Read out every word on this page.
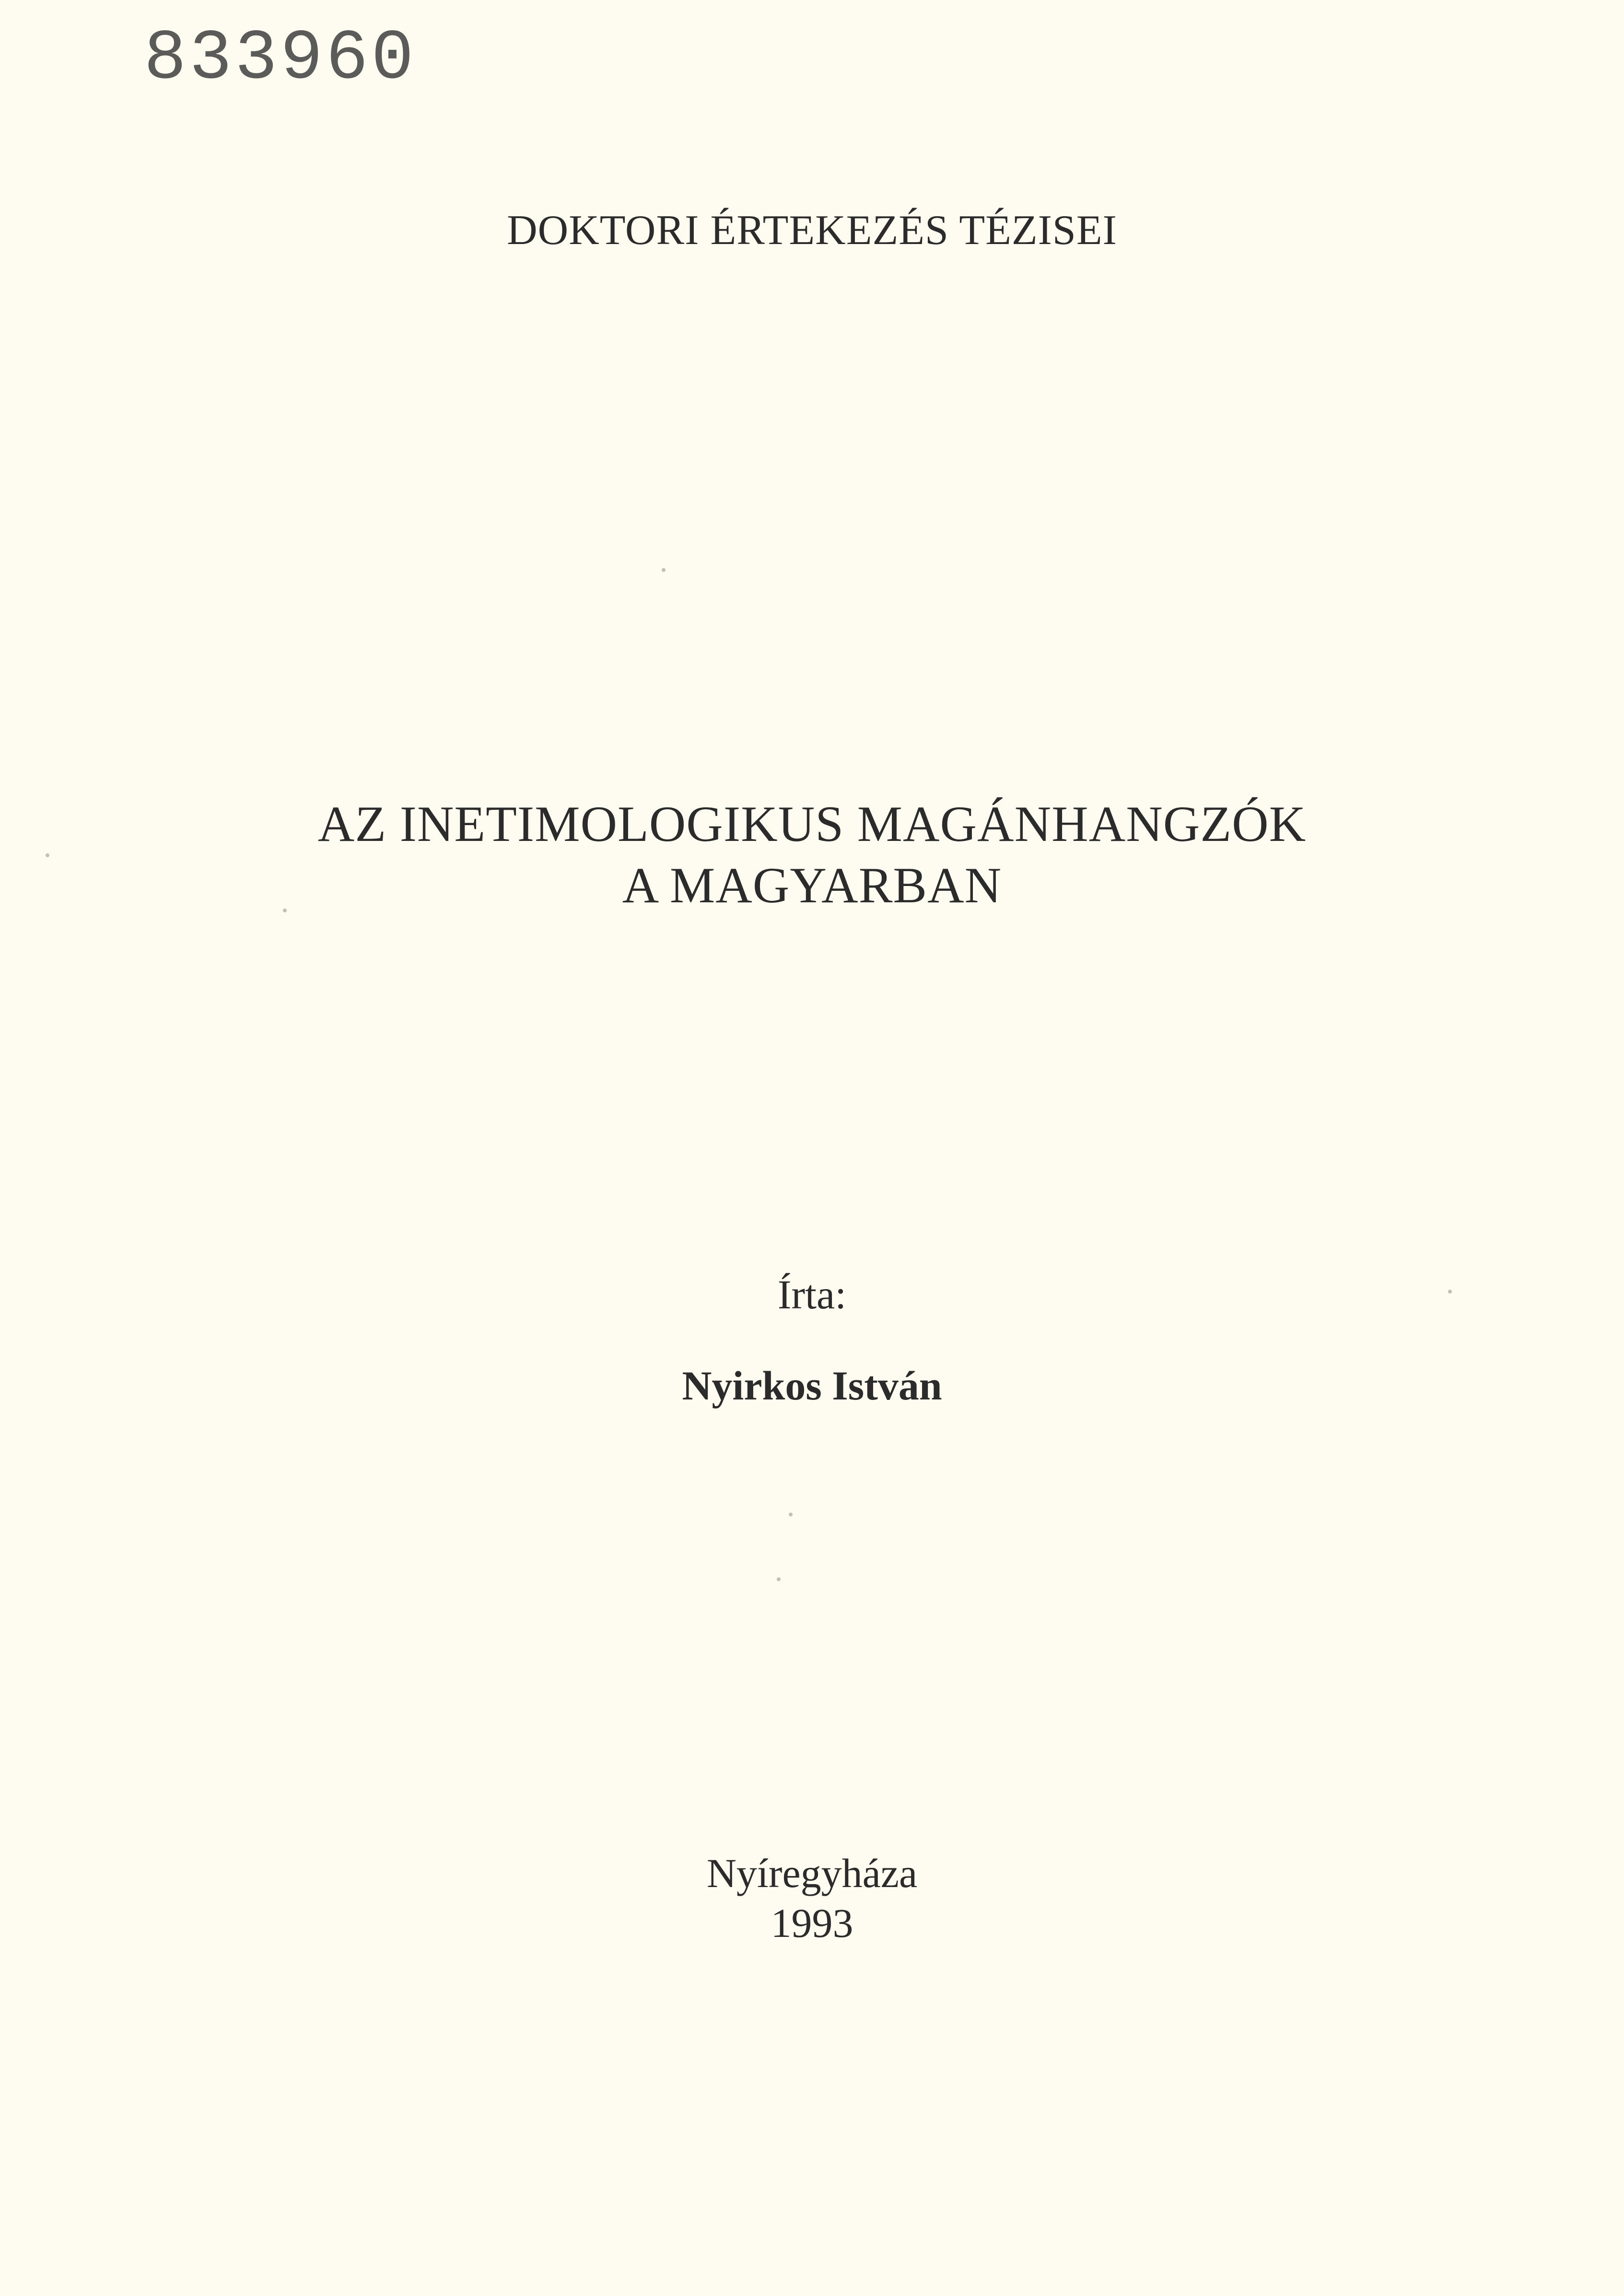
833960
DOKTORI ÉRTEKEZÉS TÉZISEI
AZ INETIMOLOGIKUS MAGÁNHANGZÓK
A MAGYARBAN
Írta:
Nyirkos István
Nyíregyháza
1993
